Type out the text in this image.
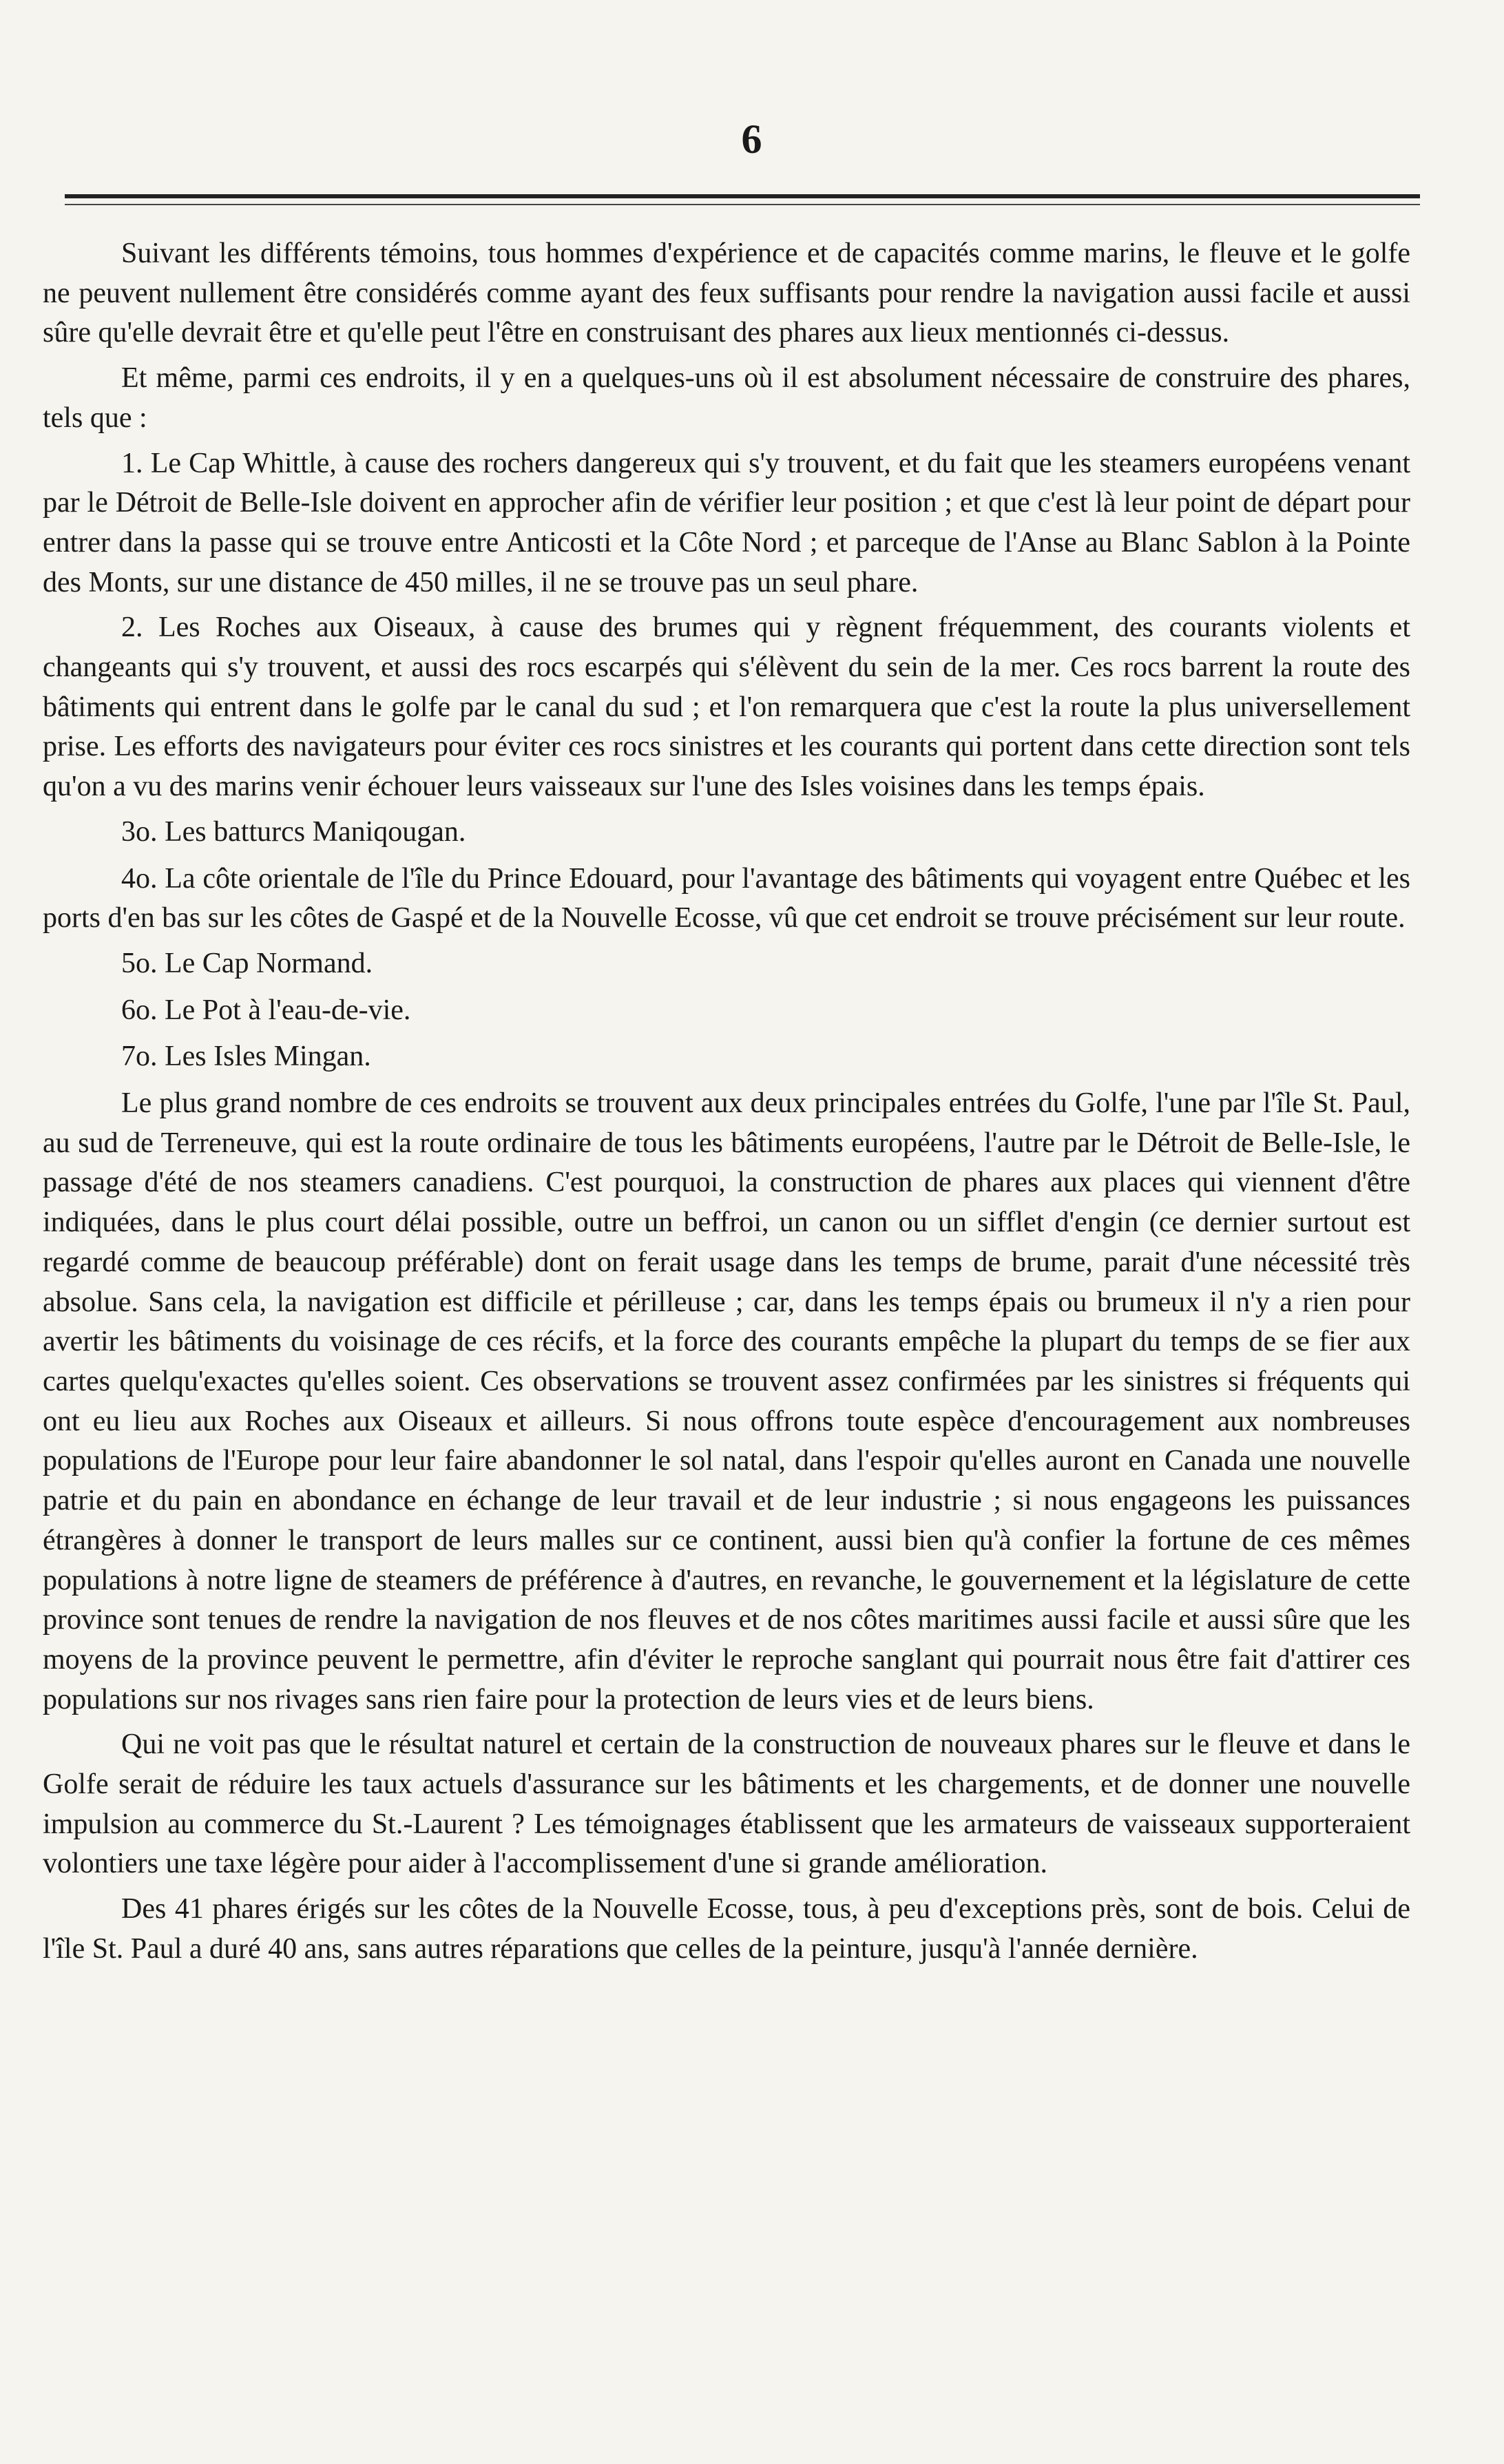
6

Suivant les différents témoins, tous hommes d'expérience et de capacités comme marins, le fleuve et le golfe ne peuvent nullement être considérés comme ayant des feux suffisants pour rendre la navigation aussi facile et aussi sûre qu'elle devrait être et qu'elle peut l'être en construisant des phares aux lieux mentionnés ci-dessus.

Et même, parmi ces endroits, il y en a quelques-uns où il est absolument nécessaire de construire des phares, tels que :

1. Le Cap Whittle, à cause des rochers dangereux qui s'y trouvent, et du fait que les steamers européens venant par le Détroit de Belle-Isle doivent en approcher afin de vérifier leur position ; et que c'est là leur point de départ pour entrer dans la passe qui se trouve entre Anticosti et la Côte Nord ; et parceque de l'Anse au Blanc Sablon à la Pointe des Monts, sur une distance de 450 milles, il ne se trouve pas un seul phare.

2. Les Roches aux Oiseaux, à cause des brumes qui y règnent fréquemment, des courants violents et changeants qui s'y trouvent, et aussi des rocs escarpés qui s'élèvent du sein de la mer. Ces rocs barrent la route des bâtiments qui entrent dans le golfe par le canal du sud ; et l'on remarquera que c'est la route la plus universellement prise. Les efforts des navigateurs pour éviter ces rocs sinistres et les courants qui portent dans cette direction sont tels qu'on a vu des marins venir échouer leurs vaisseaux sur l'une des Isles voisines dans les temps épais.

3o. Les batturcs Maniqougan.

4o. La côte orientale de l'île du Prince Edouard, pour l'avantage des bâtiments qui voyagent entre Québec et les ports d'en bas sur les côtes de Gaspé et de la Nouvelle Ecosse, vû que cet endroit se trouve précisément sur leur route.

5o. Le Cap Normand.

6o. Le Pot à l'eau-de-vie.

7o. Les Isles Mingan.

Le plus grand nombre de ces endroits se trouvent aux deux principales entrées du Golfe, l'une par l'île St. Paul, au sud de Terreneuve, qui est la route ordinaire de tous les bâtiments européens, l'autre par le Détroit de Belle-Isle, le passage d'été de nos steamers canadiens. C'est pourquoi, la construction de phares aux places qui viennent d'être indiquées, dans le plus court délai possible, outre un beffroi, un canon ou un sifflet d'engin (ce dernier surtout est regardé comme de beaucoup préférable) dont on ferait usage dans les temps de brume, parait d'une nécessité très absolue. Sans cela, la navigation est difficile et périlleuse ; car, dans les temps épais ou brumeux il n'y a rien pour avertir les bâtiments du voisinage de ces récifs, et la force des courants empêche la plupart du temps de se fier aux cartes quelqu'exactes qu'elles soient. Ces observations se trouvent assez confirmées par les sinistres si fréquents qui ont eu lieu aux Roches aux Oiseaux et ailleurs. Si nous offrons toute espèce d'encouragement aux nombreuses populations de l'Europe pour leur faire abandonner le sol natal, dans l'espoir qu'elles auront en Canada une nouvelle patrie et du pain en abondance en échange de leur travail et de leur industrie ; si nous engageons les puissances étrangères à donner le transport de leurs malles sur ce continent, aussi bien qu'à confier la fortune de ces mêmes populations à notre ligne de steamers de préférence à d'autres, en revanche, le gouvernement et la législature de cette province sont tenues de rendre la navigation de nos fleuves et de nos côtes maritimes aussi facile et aussi sûre que les moyens de la province peuvent le permettre, afin d'éviter le reproche sanglant qui pourrait nous être fait d'attirer ces populations sur nos rivages sans rien faire pour la protection de leurs vies et de leurs biens.

Qui ne voit pas que le résultat naturel et certain de la construction de nouveaux phares sur le fleuve et dans le Golfe serait de réduire les taux actuels d'assurance sur les bâtiments et les chargements, et de donner une nouvelle impulsion au commerce du St.-Laurent ? Les témoignages établissent que les armateurs de vaisseaux supporteraient volontiers une taxe légère pour aider à l'accomplissement d'une si grande amélioration.

Des 41 phares érigés sur les côtes de la Nouvelle Ecosse, tous, à peu d'exceptions près, sont de bois. Celui de l'île St. Paul a duré 40 ans, sans autres réparations que celles de la peinture, jusqu'à l'année dernière.
